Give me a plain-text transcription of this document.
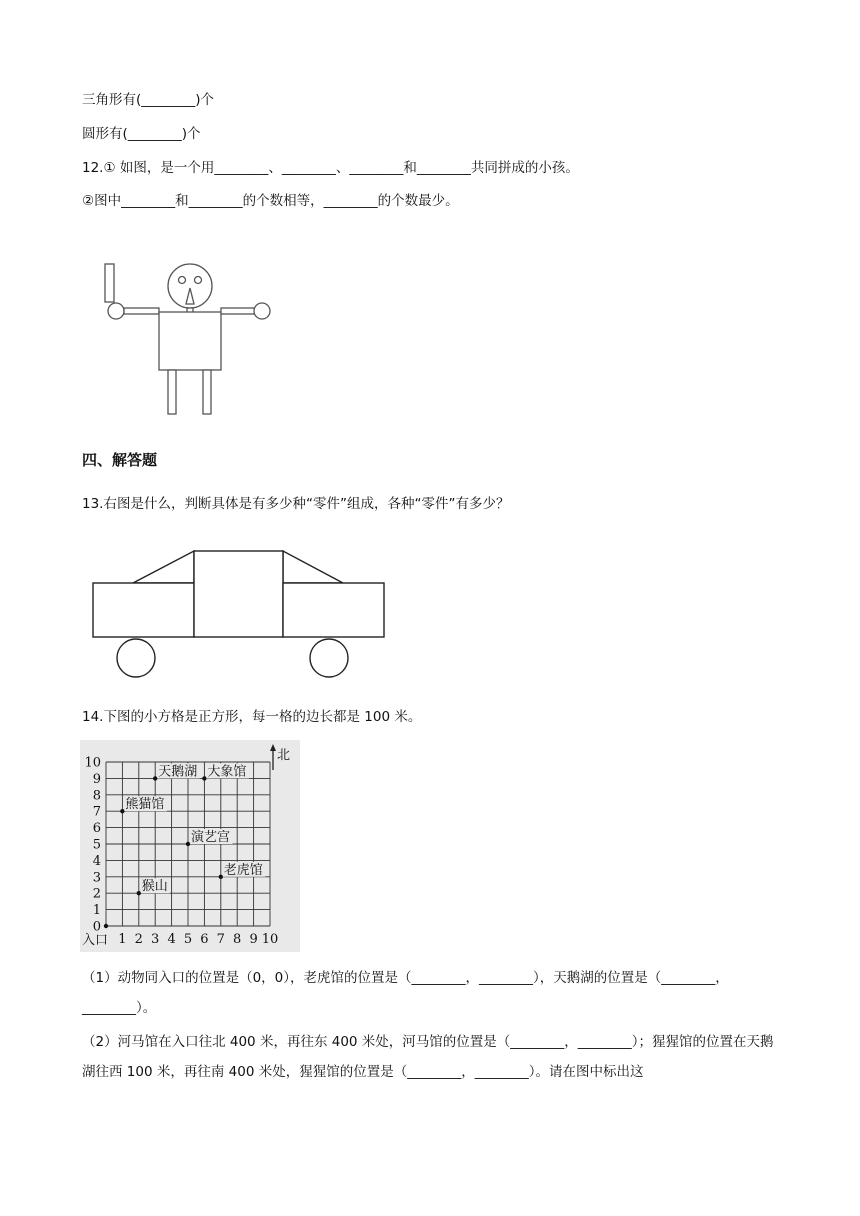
三角形有(________)个
圆形有(________)个
12.① 如图，是一个用________、________、________和________共同拼成的小孩。
②图中________和________的个数相等，________的个数最少。
四、解答题
13.右图是什么，判断具体是有多少种“零件”组成，各种“零件”有多少？
14.下图的小方格是正方形，每一格的边长都是 100 米。
1 2 3 4 5 6 7 8 9 10
0
1
2
3
4
5
6
7
8
9
10
天鹅湖 大象馆
熊猫馆
演艺宫
老虎馆
猴山
北
入口
（1）动物同入口的位置是（0，0），老虎馆的位置是（________，________），天鹅湖的位置是（________，________）。
（2）河马馆在入口往北 400 米，再往东 400 米处，河马馆的位置是（________，________）；猩猩馆的位置在天鹅湖往西 100 米，再往南 400 米处，猩猩馆的位置是（________，________）。请在图中标出这
